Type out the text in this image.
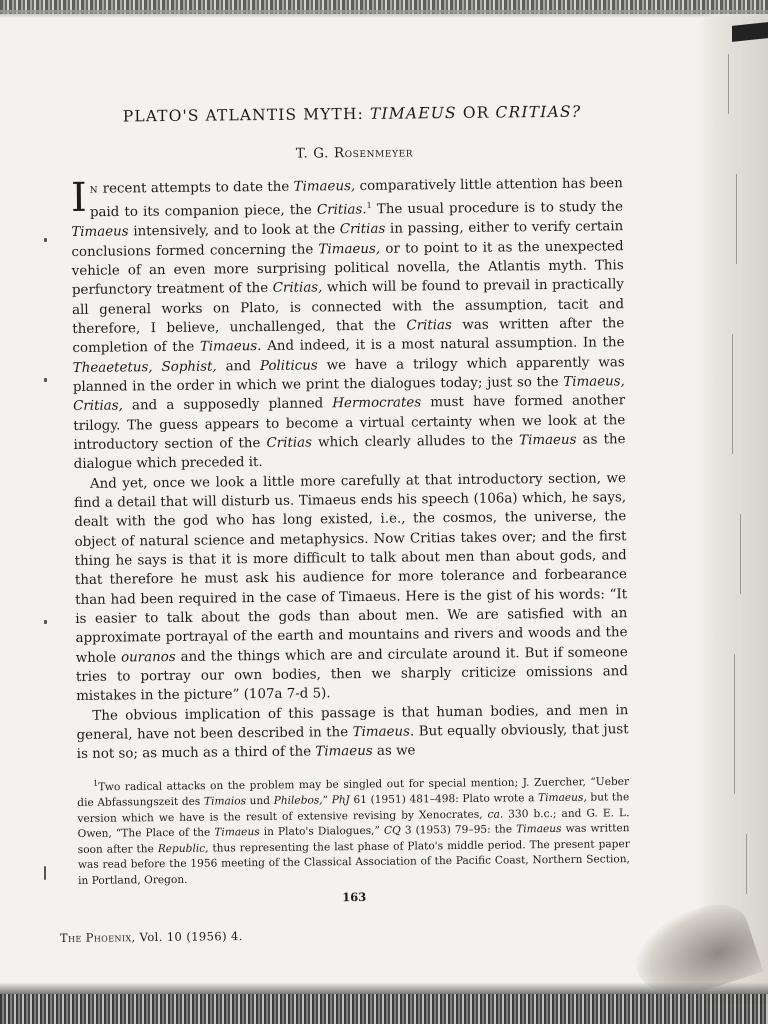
PLATO'S ATLANTIS MYTH: TIMAEUS OR CRITIAS?
T. G. Rosenmeyer

In recent attempts to date the Timaeus, comparatively little attention has been paid to its companion piece, the Critias.$^1$ The usual procedure is to study the Timaeus intensively, and to look at the Critias in passing, either to verify certain conclusions formed concerning the Timaeus, or to point to it as the unexpected vehicle of an even more surprising political novella, the Atlantis myth. This perfunctory treatment of the Critias, which will be found to prevail in practically all general works on Plato, is connected with the assumption, tacit and therefore, I believe, unchallenged, that the Critias was written after the completion of the Timaeus. And indeed, it is a most natural assumption. In the Theaetetus, Sophist, and Politicus we have a trilogy which apparently was planned in the order in which we print the dialogues today; just so the Timaeus, Critias, and a supposedly planned Hermocrates must have formed another trilogy. The guess appears to become a virtual certainty when we look at the introductory section of the Critias which clearly alludes to the Timaeus as the dialogue which preceded it.

And yet, once we look a little more carefully at that introductory section, we find a detail that will disturb us. Timaeus ends his speech (106a) which, he says, dealt with the god who has long existed, i.e., the cosmos, the universe, the object of natural science and metaphysics. Now Critias takes over; and the first thing he says is that it is more difficult to talk about men than about gods, and that therefore he must ask his audience for more tolerance and forbearance than had been required in the case of Timaeus. Here is the gist of his words: “It is easier to talk about the gods than about men. We are satisfied with an approximate portrayal of the earth and mountains and rivers and woods and the whole ouranos and the things which are and circulate around it. But if someone tries to portray our own bodies, then we sharply criticize omissions and mistakes in the picture” (107a 7-d 5).

The obvious implication of this passage is that human bodies, and men in general, have not been described in the Timaeus. But equally obviously, that just is not so; as much as a third of the Timaeus as we

$^1$Two radical attacks on the problem may be singled out for special mention; J. Zuercher, “Ueber die Abfassungszeit des Timaios und Philebos,” PhJ 61 (1951) 481–498: Plato wrote a Timaeus, but the version which we have is the result of extensive revising by Xenocrates, ca. 330 b.c.; and G. E. L. Owen, “The Place of the Timaeus in Plato's Dialogues,” CQ 3 (1953) 79–95: the Timaeus was written soon after the Republic, thus representing the last phase of Plato's middle period. The present paper was read before the 1956 meeting of the Classical Association of the Pacific Coast, Northern Section, in Portland, Oregon.
163
The Phoenix, Vol. 10 (1956) 4.
